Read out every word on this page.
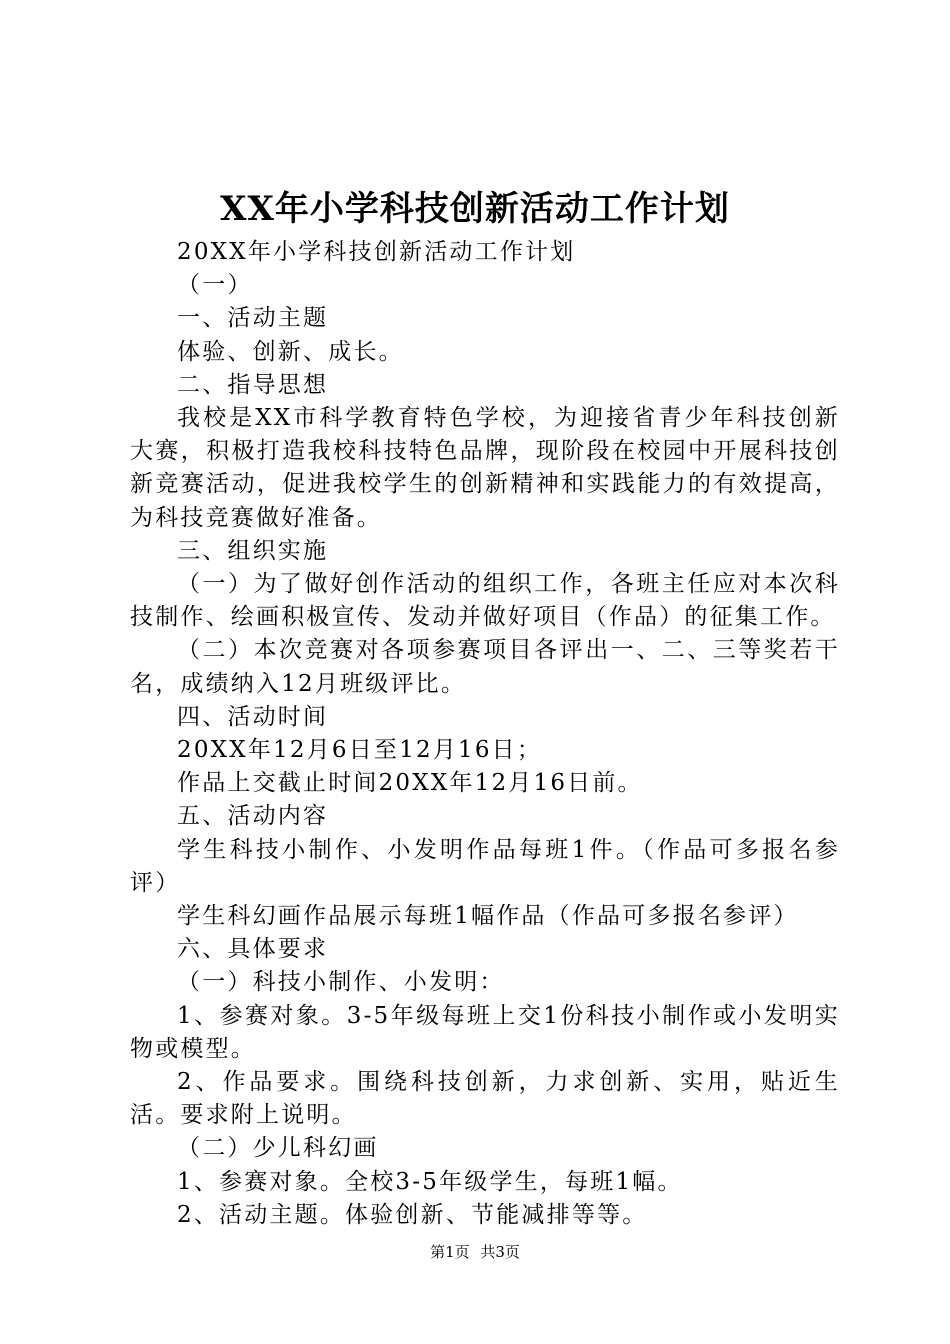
XX年小学科技创新活动工作计划

20XX年小学科技创新活动工作计划

（一）

一、活动主题

体验、创新、成长。

二、指导思想

我校是XX市科学教育特色学校，为迎接省青少年科技创新大赛，积极打造我校科技特色品牌，现阶段在校园中开展科技创新竞赛活动，促进我校学生的创新精神和实践能力的有效提高，为科技竞赛做好准备。

三、组织实施

（一）为了做好创作活动的组织工作，各班主任应对本次科技制作、绘画积极宣传、发动并做好项目（作品）的征集工作。

（二）本次竞赛对各项参赛项目各评出一、二、三等奖若干名，成绩纳入12月班级评比。

四、活动时间

20XX年12月6日至12月16日；

作品上交截止时间20XX年12月16日前。

五、活动内容

学生科技小制作、小发明作品每班1件。（作品可多报名参评）

学生科幻画作品展示每班1幅作品（作品可多报名参评）

六、具体要求

（一）科技小制作、小发明：

1、参赛对象。3-5年级每班上交1份科技小制作或小发明实物或模型。

2、作品要求。围绕科技创新，力求创新、实用，贴近生活。要求附上说明。

（二）少儿科幻画

1、参赛对象。全校3-5年级学生，每班1幅。

2、活动主题。体验创新、节能减排等等。

第1页 共3页
